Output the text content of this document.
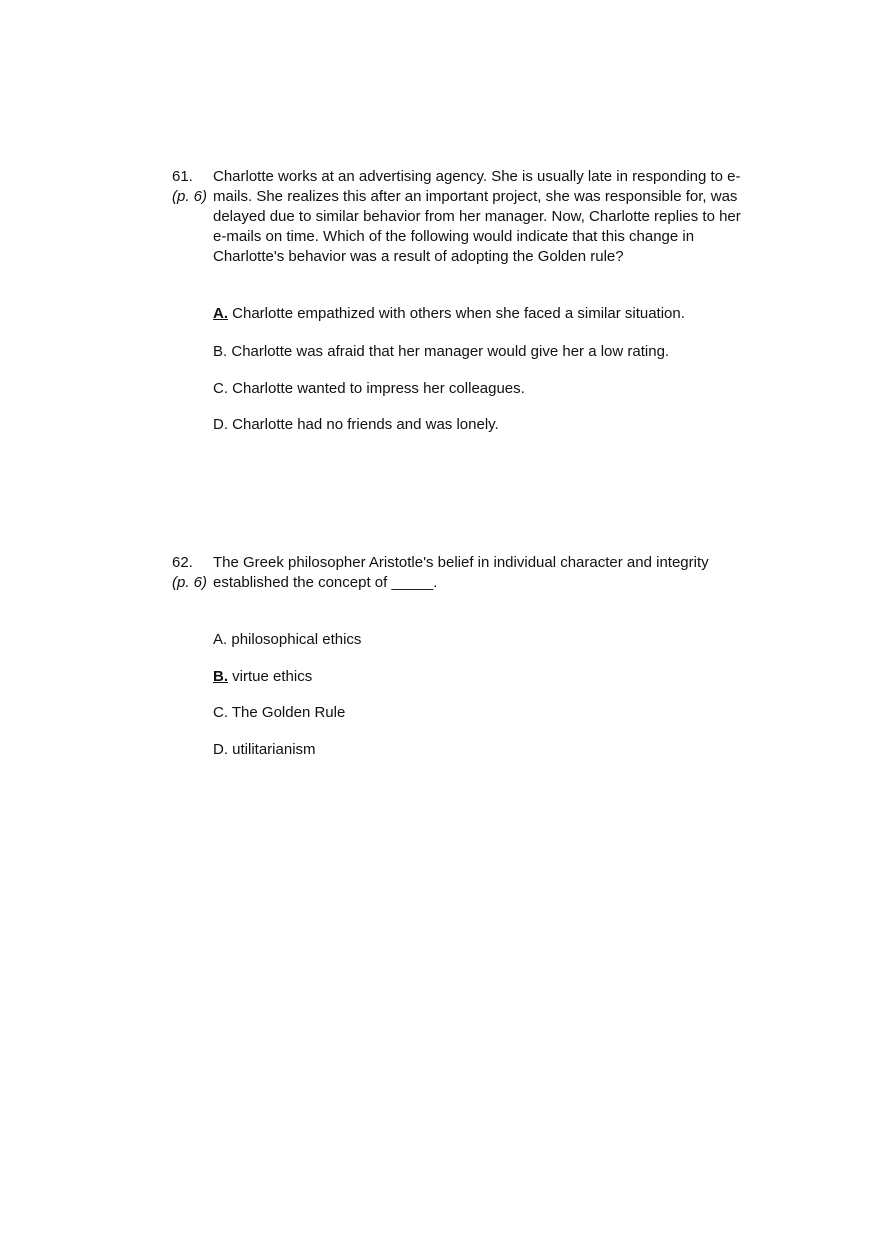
61.
(p. 6)
Charlotte works at an advertising agency. She is usually late in responding to e-mails. She realizes this after an important project, she was responsible for, was delayed due to similar behavior from her manager. Now, Charlotte replies to her e-mails on time. Which of the following would indicate that this change in Charlotte's behavior was a result of adopting the Golden rule?
A. Charlotte empathized with others when she faced a similar situation.
B. Charlotte was afraid that her manager would give her a low rating.
C. Charlotte wanted to impress her colleagues.
D. Charlotte had no friends and was lonely.
62.
(p. 6)
The Greek philosopher Aristotle's belief in individual character and integrity established the concept of _____.
A. philosophical ethics
B. virtue ethics
C. The Golden Rule
D. utilitarianism
